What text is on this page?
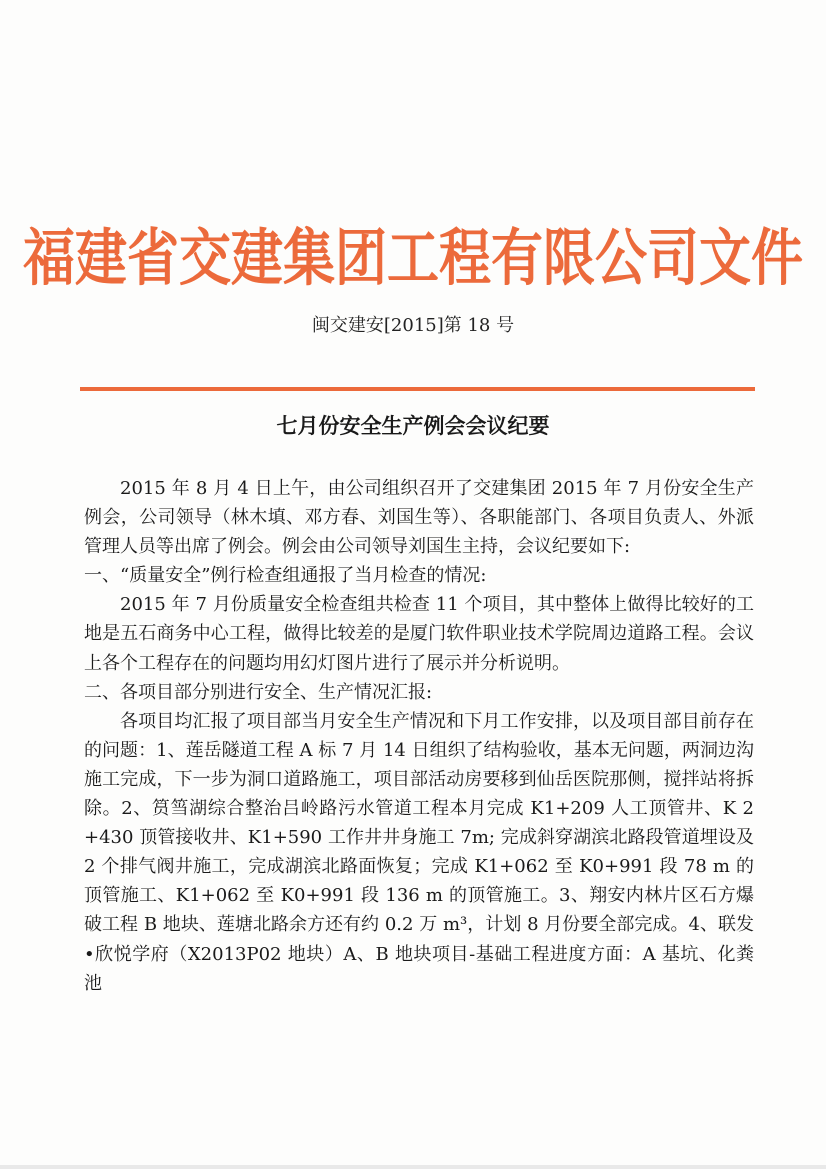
福建省交建集团工程有限公司文件
闽交建安[2015]第 18 号
七月份安全生产例会会议纪要

2015 年 8 月 4 日上午，由公司组织召开了交建集团 2015 年 7 月份安全生产例会，公司领导（林木填、邓方春、刘国生等）、各职能部门、各项目负责人、外派管理人员等出席了例会。例会由公司领导刘国生主持，会议纪要如下:

一、“质量安全”例行检查组通报了当月检查的情况:

2015 年 7 月份质量安全检查组共检查 11 个项目，其中整体上做得比较好的工地是五石商务中心工程，做得比较差的是厦门软件职业技术学院周边道路工程。会议上各个工程存在的问题均用幻灯图片进行了展示并分析说明。

二、各项目部分别进行安全、生产情况汇报:

各项目均汇报了项目部当月安全生产情况和下月工作安排，以及项目部目前存在的问题：1、莲岳隧道工程 A 标 7 月 14 日组织了结构验收，基本无问题，两洞边沟施工完成，下一步为洞口道路施工，项目部活动房要移到仙岳医院那侧，搅拌站将拆除。2、筼筜湖综合整治吕岭路污水管道工程本月完成 K1+209 人工顶管井、K 2 +430 顶管接收井、K1+590 工作井井身施工 7m; 完成斜穿湖滨北路段管道埋设及 2 个排气阀井施工，完成湖滨北路面恢复；完成 K1+062 至 K0+991 段 78 m 的顶管施工、K1+062 至 K0+991 段 136 m 的顶管施工。3、翔安内林片区石方爆破工程 B 地块、莲塘北路余方还有约 0.2 万 m³，计划 8 月份要全部完成。4、联发•欣悦学府（X2013P02 地块）A、B 地块项目-基础工程进度方面：A 基坑、化粪池
